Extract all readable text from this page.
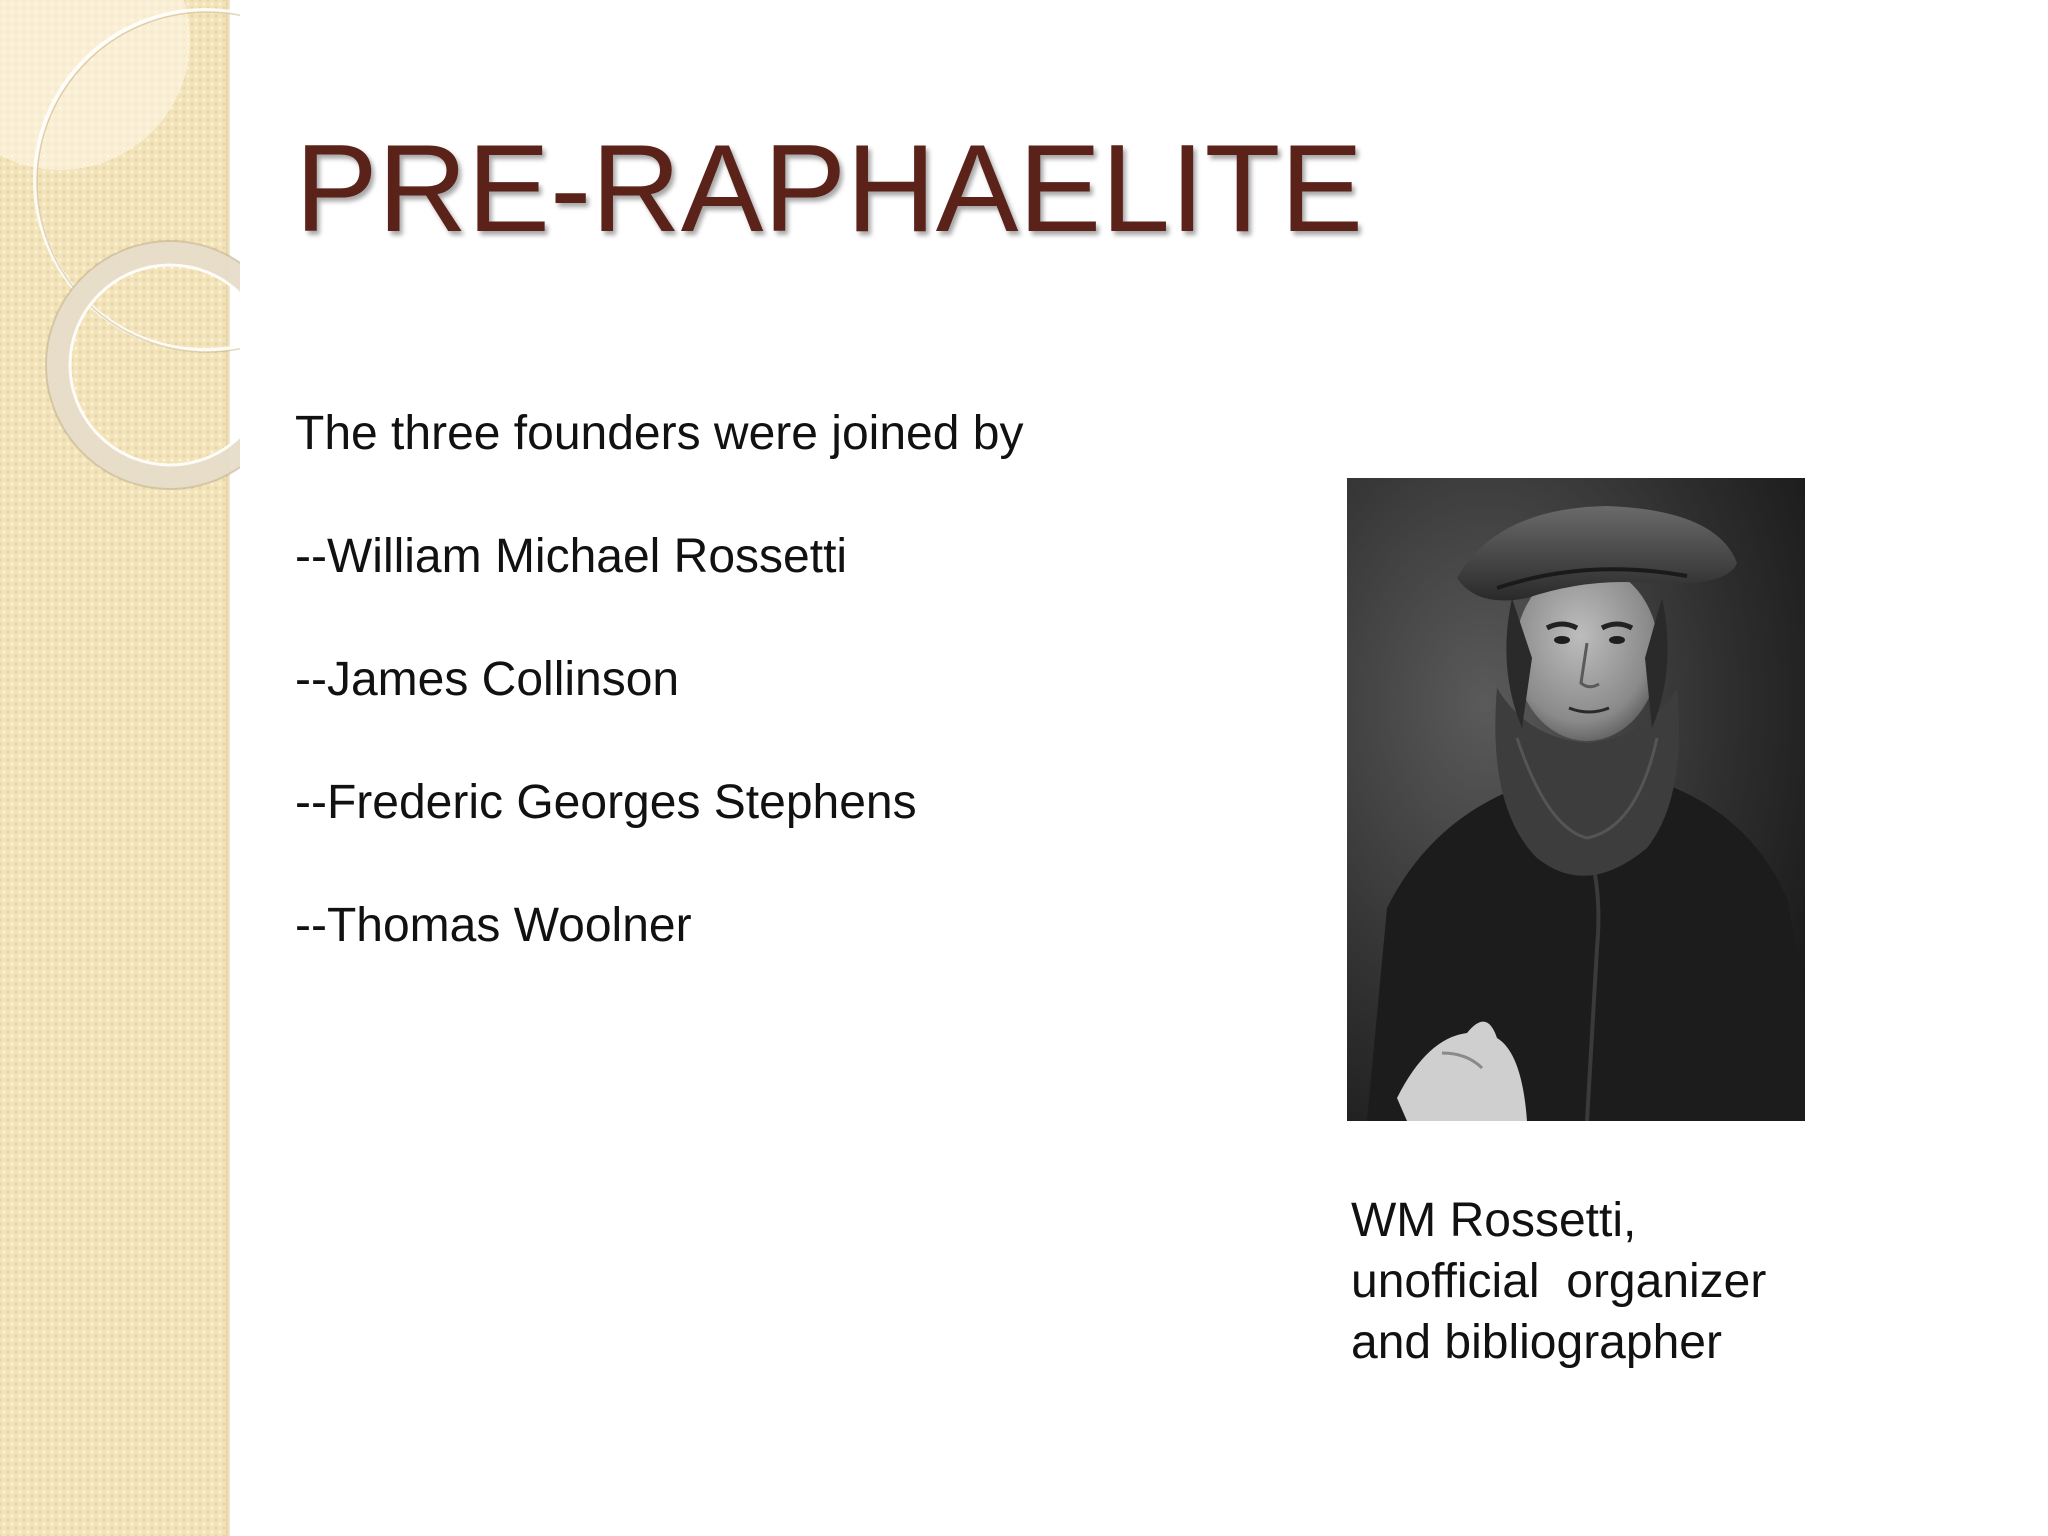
PRE-RAPHAELITE
The three founders were joined by
--William Michael Rossetti
--James Collinson
--Frederic Georges Stephens
--Thomas Woolner

WM Rossetti,
unofficial  organizer
and bibliographer
